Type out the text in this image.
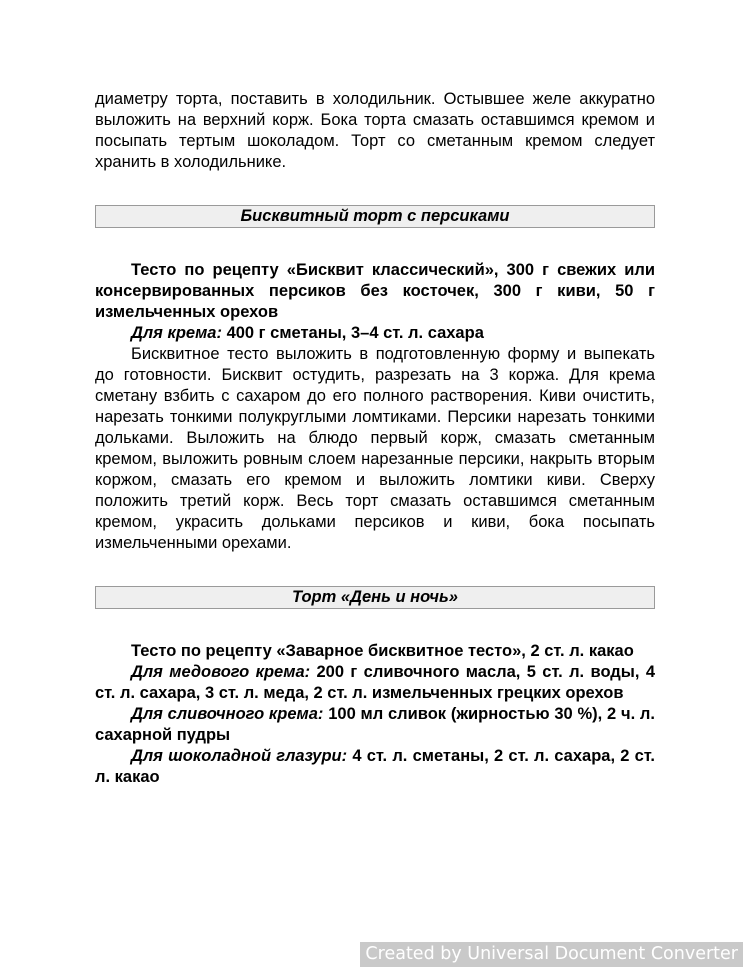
диаметру торта, поставить в холодильник. Остывшее желе аккуратно выложить на верхний корж. Бока торта смазать оставшимся кремом и посыпать тертым шоколадом. Торт со сметанным кремом следует хранить в холодильнике.

Бисквитный торт с персиками

Тесто по рецепту «Бисквит классический», 300 г свежих или консервированных персиков без косточек, 300 г киви, 50 г измельченных орехов

Для крема: 400 г сметаны, 3–4 ст. л. сахара

Бисквитное тесто выложить в подготовленную форму и выпекать до готовности. Бисквит остудить, разрезать на 3 коржа. Для крема сметану взбить с сахаром до его полного растворения. Киви очистить, нарезать тонкими полукруглыми ломтиками. Персики нарезать тонкими дольками. Выложить на блюдо первый корж, смазать сметанным кремом, выложить ровным слоем нарезанные персики, накрыть вторым коржом, смазать его кремом и выложить ломтики киви. Сверху положить третий корж. Весь торт смазать оставшимся сметанным кремом, украсить дольками персиков и киви, бока посыпать измельченными орехами.

Торт «День и ночь»

Тесто по рецепту «Заварное бисквитное тесто», 2 ст. л. какао

Для медового крема: 200 г сливочного масла, 5 ст. л. воды, 4 ст. л. сахара, 3 ст. л. меда, 2 ст. л. измельченных грецких орехов

Для сливочного крема: 100 мл сливок (жирностью 30 %), 2 ч. л. сахарной пудры

Для шоколадной глазури: 4 ст. л. сметаны, 2 ст. л. сахара, 2 ст. л. какао

Created by Universal Document Converter
